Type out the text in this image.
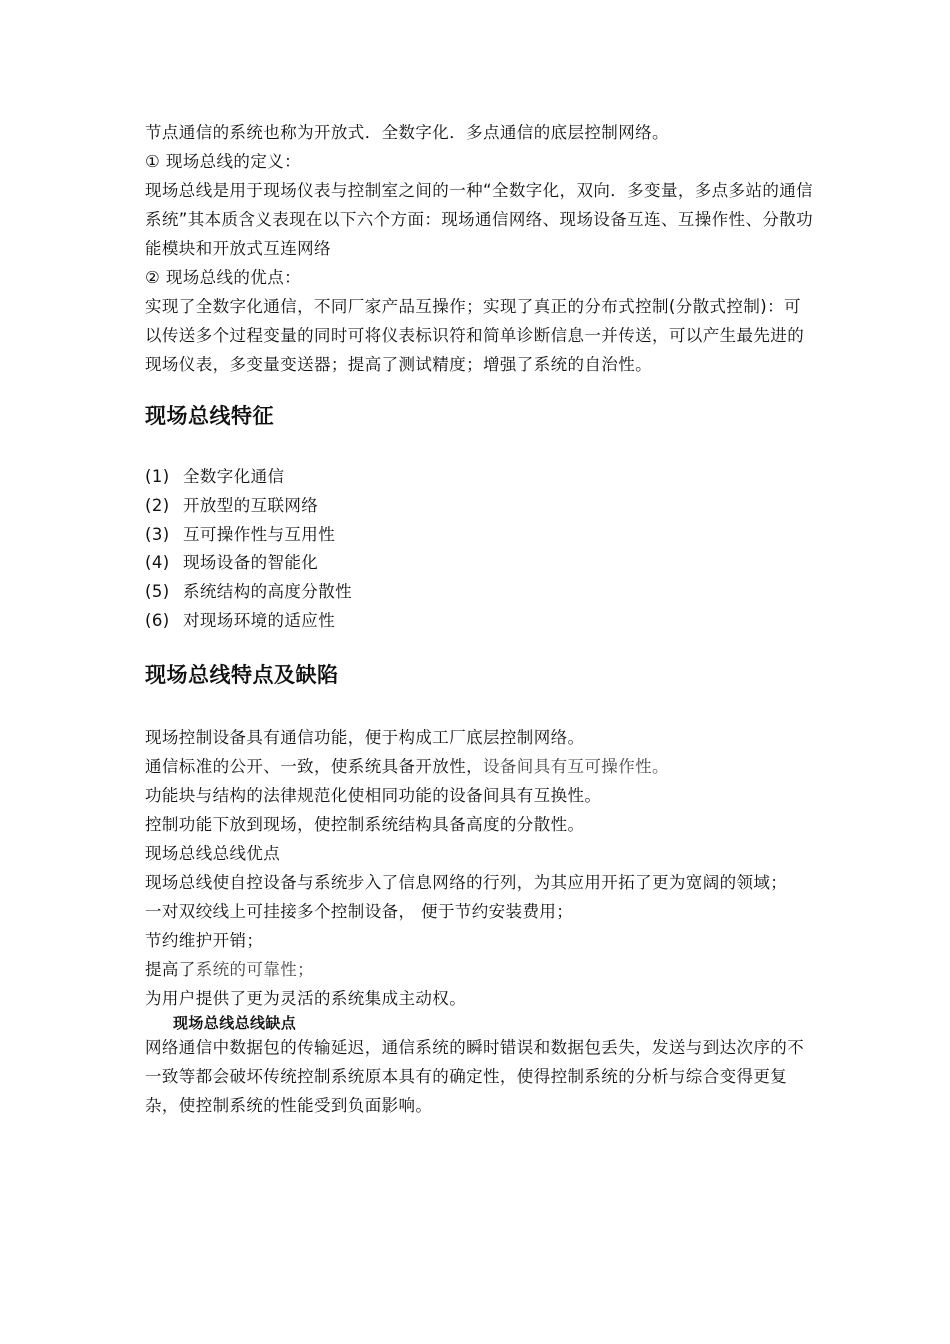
节点通信的系统也称为开放式．全数字化．多点通信的底层控制网络。
① 现场总线的定义：
现场总线是用于现场仪表与控制室之间的一种“全数字化，双向．多变量，多点多站的通信系统”其本质含义表现在以下六个方面：现场通信网络、现场设备互连、互操作性、分散功能模块和开放式互连网络
② 现场总线的优点：
实现了全数字化通信，不同厂家产品互操作；实现了真正的分布式控制(分散式控制)：可以传送多个过程变量的同时可将仪表标识符和简单诊断信息一并传送，可以产生最先进的现场仪表，多变量变送器；提高了测试精度；增强了系统的自治性。
现场总线特征
(1) 全数字化通信
(2) 开放型的互联网络
(3) 互可操作性与互用性
(4) 现场设备的智能化
(5) 系统结构的高度分散性
(6) 对现场环境的适应性
现场总线特点及缺陷
现场控制设备具有通信功能，便于构成工厂底层控制网络。
通信标准的公开、一致，使系统具备开放性，设备间具有互可操作性。
功能块与结构的法律规范化使相同功能的设备间具有互换性。
控制功能下放到现场，使控制系统结构具备高度的分散性。
现场总线总线优点
现场总线使自控设备与系统步入了信息网络的行列，为其应用开拓了更为宽阔的领域；
一对双绞线上可挂接多个控制设备， 便于节约安装费用；
节约维护开销；
提高了系统的可靠性；
为用户提供了更为灵活的系统集成主动权。
现场总线总线缺点
网络通信中数据包的传输延迟，通信系统的瞬时错误和数据包丢失，发送与到达次序的不一致等都会破坏传统控制系统原本具有的确定性，使得控制系统的分析与综合变得更复杂，使控制系统的性能受到负面影响。
